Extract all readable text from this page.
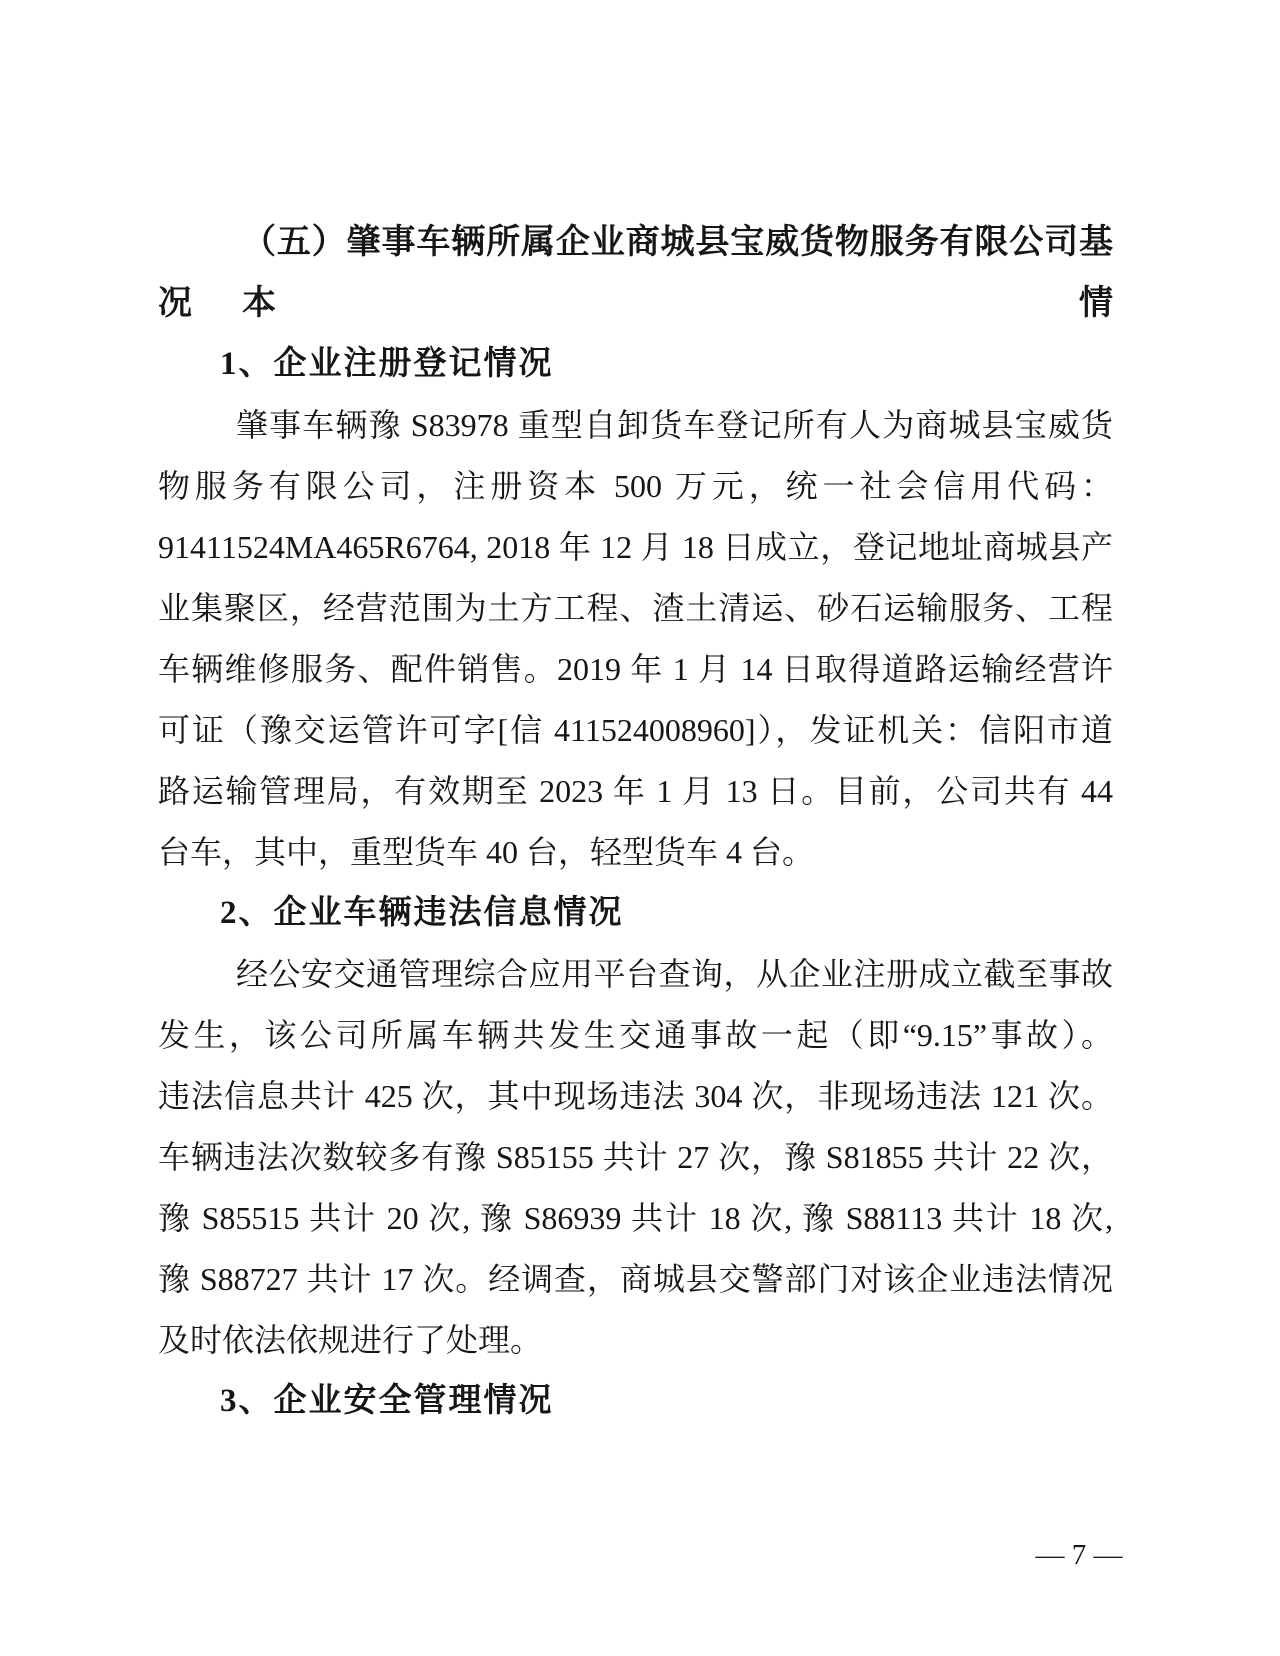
（五）肇事车辆所属企业商城县宝威货物服务有限公司基本情
况
1、企业注册登记情况
肇事车辆豫 S83978 重型自卸货车登记所有人为商城县宝威货
物服务有限公司，注册资本 500 万元，统一社会信用代码：
91411524MA465R6764, 2018 年 12 月 18 日成立，登记地址商城县产
业集聚区，经营范围为土方工程、渣土清运、砂石运输服务、工程
车辆维修服务、配件销售。2019 年 1 月 14 日取得道路运输经营许
可证（豫交运管许可字[信 411524008960]），发证机关：信阳市道
路运输管理局，有效期至 2023 年 1 月 13 日。目前，公司共有 44
台车，其中，重型货车 40 台，轻型货车 4 台。
2、企业车辆违法信息情况
经公安交通管理综合应用平台查询，从企业注册成立截至事故
发生，该公司所属车辆共发生交通事故一起（即“9.15”事故）。
违法信息共计 425 次，其中现场违法 304 次，非现场违法 121 次。
车辆违法次数较多有豫 S85155 共计 27 次，豫 S81855 共计 22 次，
豫 S85515 共计 20 次, 豫 S86939 共计 18 次, 豫 S88113 共计 18 次,
豫 S88727 共计 17 次。经调查，商城县交警部门对该企业违法情况
及时依法依规进行了处理。
3、企业安全管理情况
— 7 —
